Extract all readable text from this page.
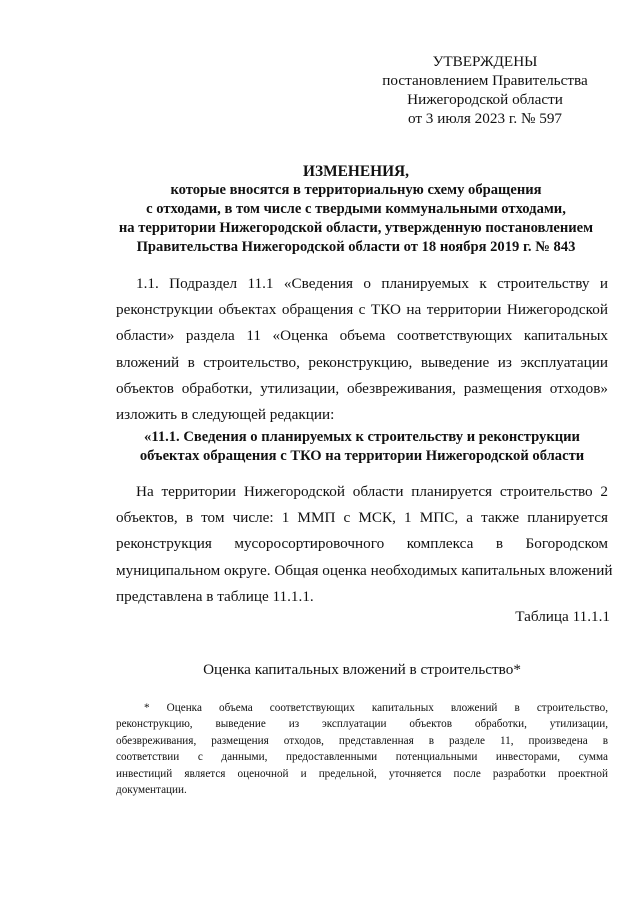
УТВЕРЖДЕНЫ
постановлением Правительства
Нижегородской области
от 3 июля 2023 г. № 597
ИЗМЕНЕНИЯ,
которые вносятся в территориальную схему обращения
с отходами, в том числе с твердыми коммунальными отходами,
на территории Нижегородской области, утвержденную постановлением
Правительства Нижегородской области от 18 ноября 2019 г. № 843
1.1. Подраздел 11.1 «Сведения о планируемых к строительству и
реконструкции объектах обращения с ТКО на территории Нижегородской
области» раздела 11 «Оценка объема соответствующих капитальных
вложений в строительство, реконструкцию, выведение из эксплуатации
объектов обработки, утилизации, обезвреживания, размещения отходов»
изложить в следующей редакции:
«11.1. Сведения о планируемых к строительству и реконструкции
объектах обращения с ТКО на территории Нижегородской области
На территории Нижегородской области планируется строительство 2
объектов, в том числе: 1 ММП с МСК, 1 МПС, а также планируется
реконструкция мусоросортировочного комплекса в Богородском
муниципальном округе. Общая оценка необходимых капитальных вложений
представлена в таблице 11.1.1.
Таблица 11.1.1
Оценка капитальных вложений в строительство*
* Оценка объема соответствующих капитальных вложений в строительство,
реконструкцию, выведение из эксплуатации объектов обработки, утилизации,
обезвреживания, размещения отходов, представленная в разделе 11, произведена в
соответствии с данными, предоставленными потенциальными инвесторами, сумма
инвестиций является оценочной и предельной, уточняется после разработки проектной
документации.
